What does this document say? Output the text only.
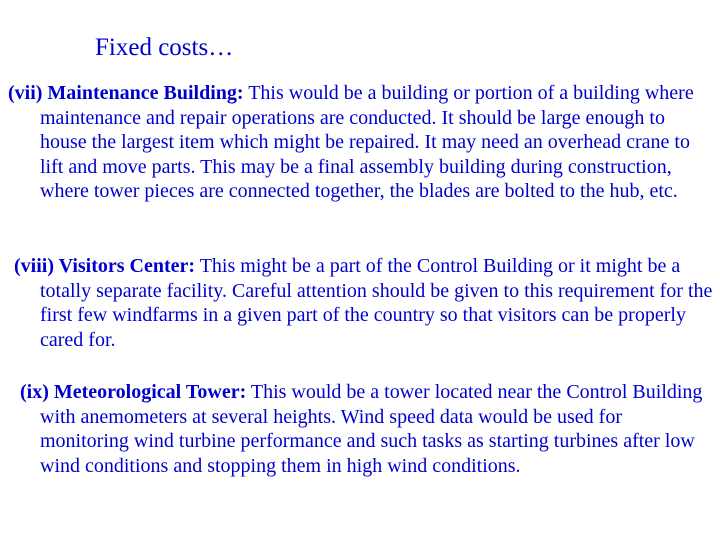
Fixed costs…

(vii) Maintenance Building: This would be a building or portion of a building where maintenance and repair operations are conducted. It should be large enough to house the largest item which might be repaired. It may need an overhead crane to lift and move parts. This may be a final assembly building during construction, where tower pieces are connected together, the blades are bolted to the hub, etc.

(viii) Visitors Center: This might be a part of the Control Building or it might be a totally separate facility. Careful attention should be given to this requirement for the first few windfarms in a given part of the country so that visitors can be properly cared for.

(ix) Meteorological Tower: This would be a tower located near the Control Building with anemometers at several heights. Wind speed data would be used for monitoring wind turbine performance and such tasks as starting turbines after low wind conditions and stopping them in high wind conditions.
